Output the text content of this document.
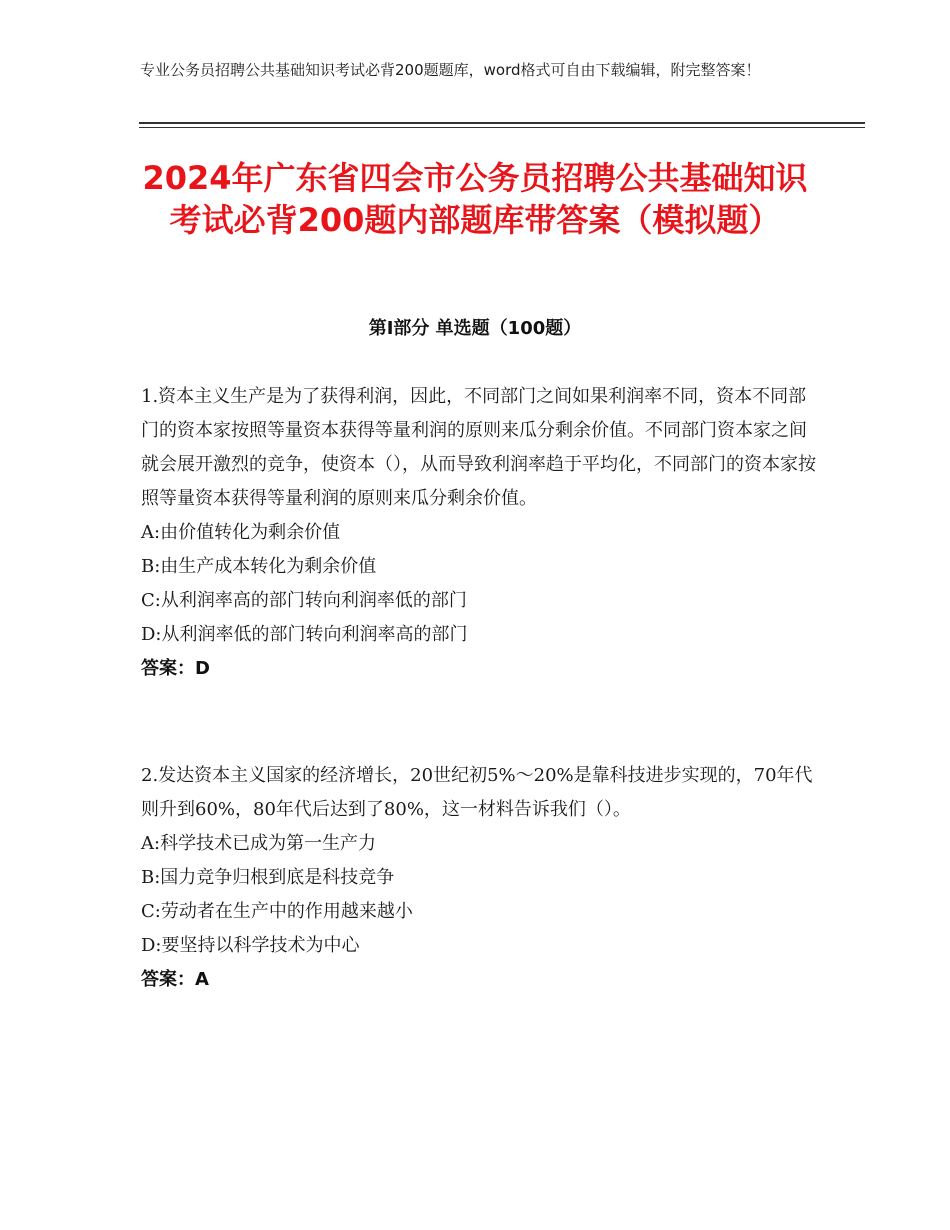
专业公务员招聘公共基础知识考试必背200题题库，word格式可自由下载编辑，附完整答案！
2024年广东省四会市公务员招聘公共基础知识考试必背200题内部题库带答案（模拟题）
第Ⅰ部分 单选题（100题）

1.资本主义生产是为了获得利润，因此，不同部门之间如果利润率不同，资本不同部门的资本家按照等量资本获得等量利润的原则来瓜分剩余价值。不同部门资本家之间就会展开激烈的竞争，使资本（），从而导致利润率趋于平均化，不同部门的资本家按照等量资本获得等量利润的原则来瓜分剩余价值。

A:由价值转化为剩余价值

B:由生产成本转化为剩余价值

C:从利润率高的部门转向利润率低的部门

D:从利润率低的部门转向利润率高的部门

答案：D

2.发达资本主义国家的经济增长，20世纪初5%～20%是靠科技进步实现的，70年代则升到60%，80年代后达到了80%，这一材料告诉我们（）。

A:科学技术已成为第一生产力

B:国力竞争归根到底是科技竞争

C:劳动者在生产中的作用越来越小

D:要坚持以科学技术为中心

答案：A
